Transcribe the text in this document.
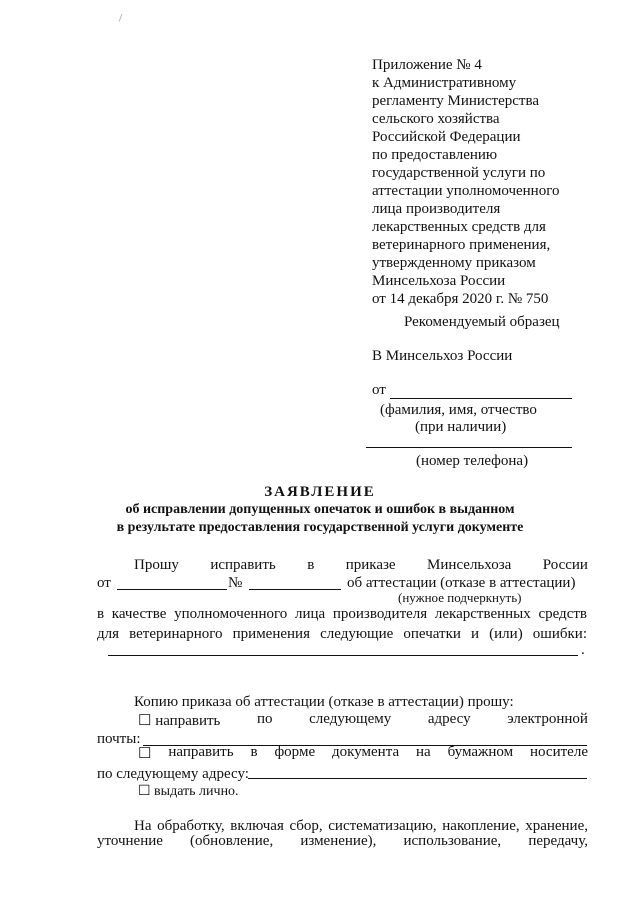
Приложение № 4
к Административному
регламенту Министерства
сельского хозяйства
Российской Федерации
по предоставлению
государственной услуги по
аттестации уполномоченного
лица производителя
лекарственных средств для
ветеринарного применения,
утвержденному приказом
Минсельхоза России
от 14 декабря 2020 г. № 750
Рекомендуемый образец
В Минсельхоз России
от
(фамилия, имя, отчество
(при наличии)
(номер телефона)
ЗАЯВЛЕНИЕ
об исправлении допущенных опечаток и ошибок в выданном
в результате предоставления государственной услуги документе
Прошу исправить в приказе Минсельхоза России
от	№	об аттестации (отказе в аттестации)
(нужное подчеркнуть)
в качестве уполномоченного лица производителя лекарственных средств
для ветеринарного применения следующие опечатки и (или) ошибки:
.
Копию приказа об аттестации (отказе в аттестации) прошу:
☐ направить по следующему адресу электронной
почты:
☐ направить в форме документа на бумажном носителе
по следующему адресу:
☐ выдать лично.
На обработку, включая сбор, систематизацию, накопление, хранение,
уточнение (обновление, изменение), использование, передачу,
